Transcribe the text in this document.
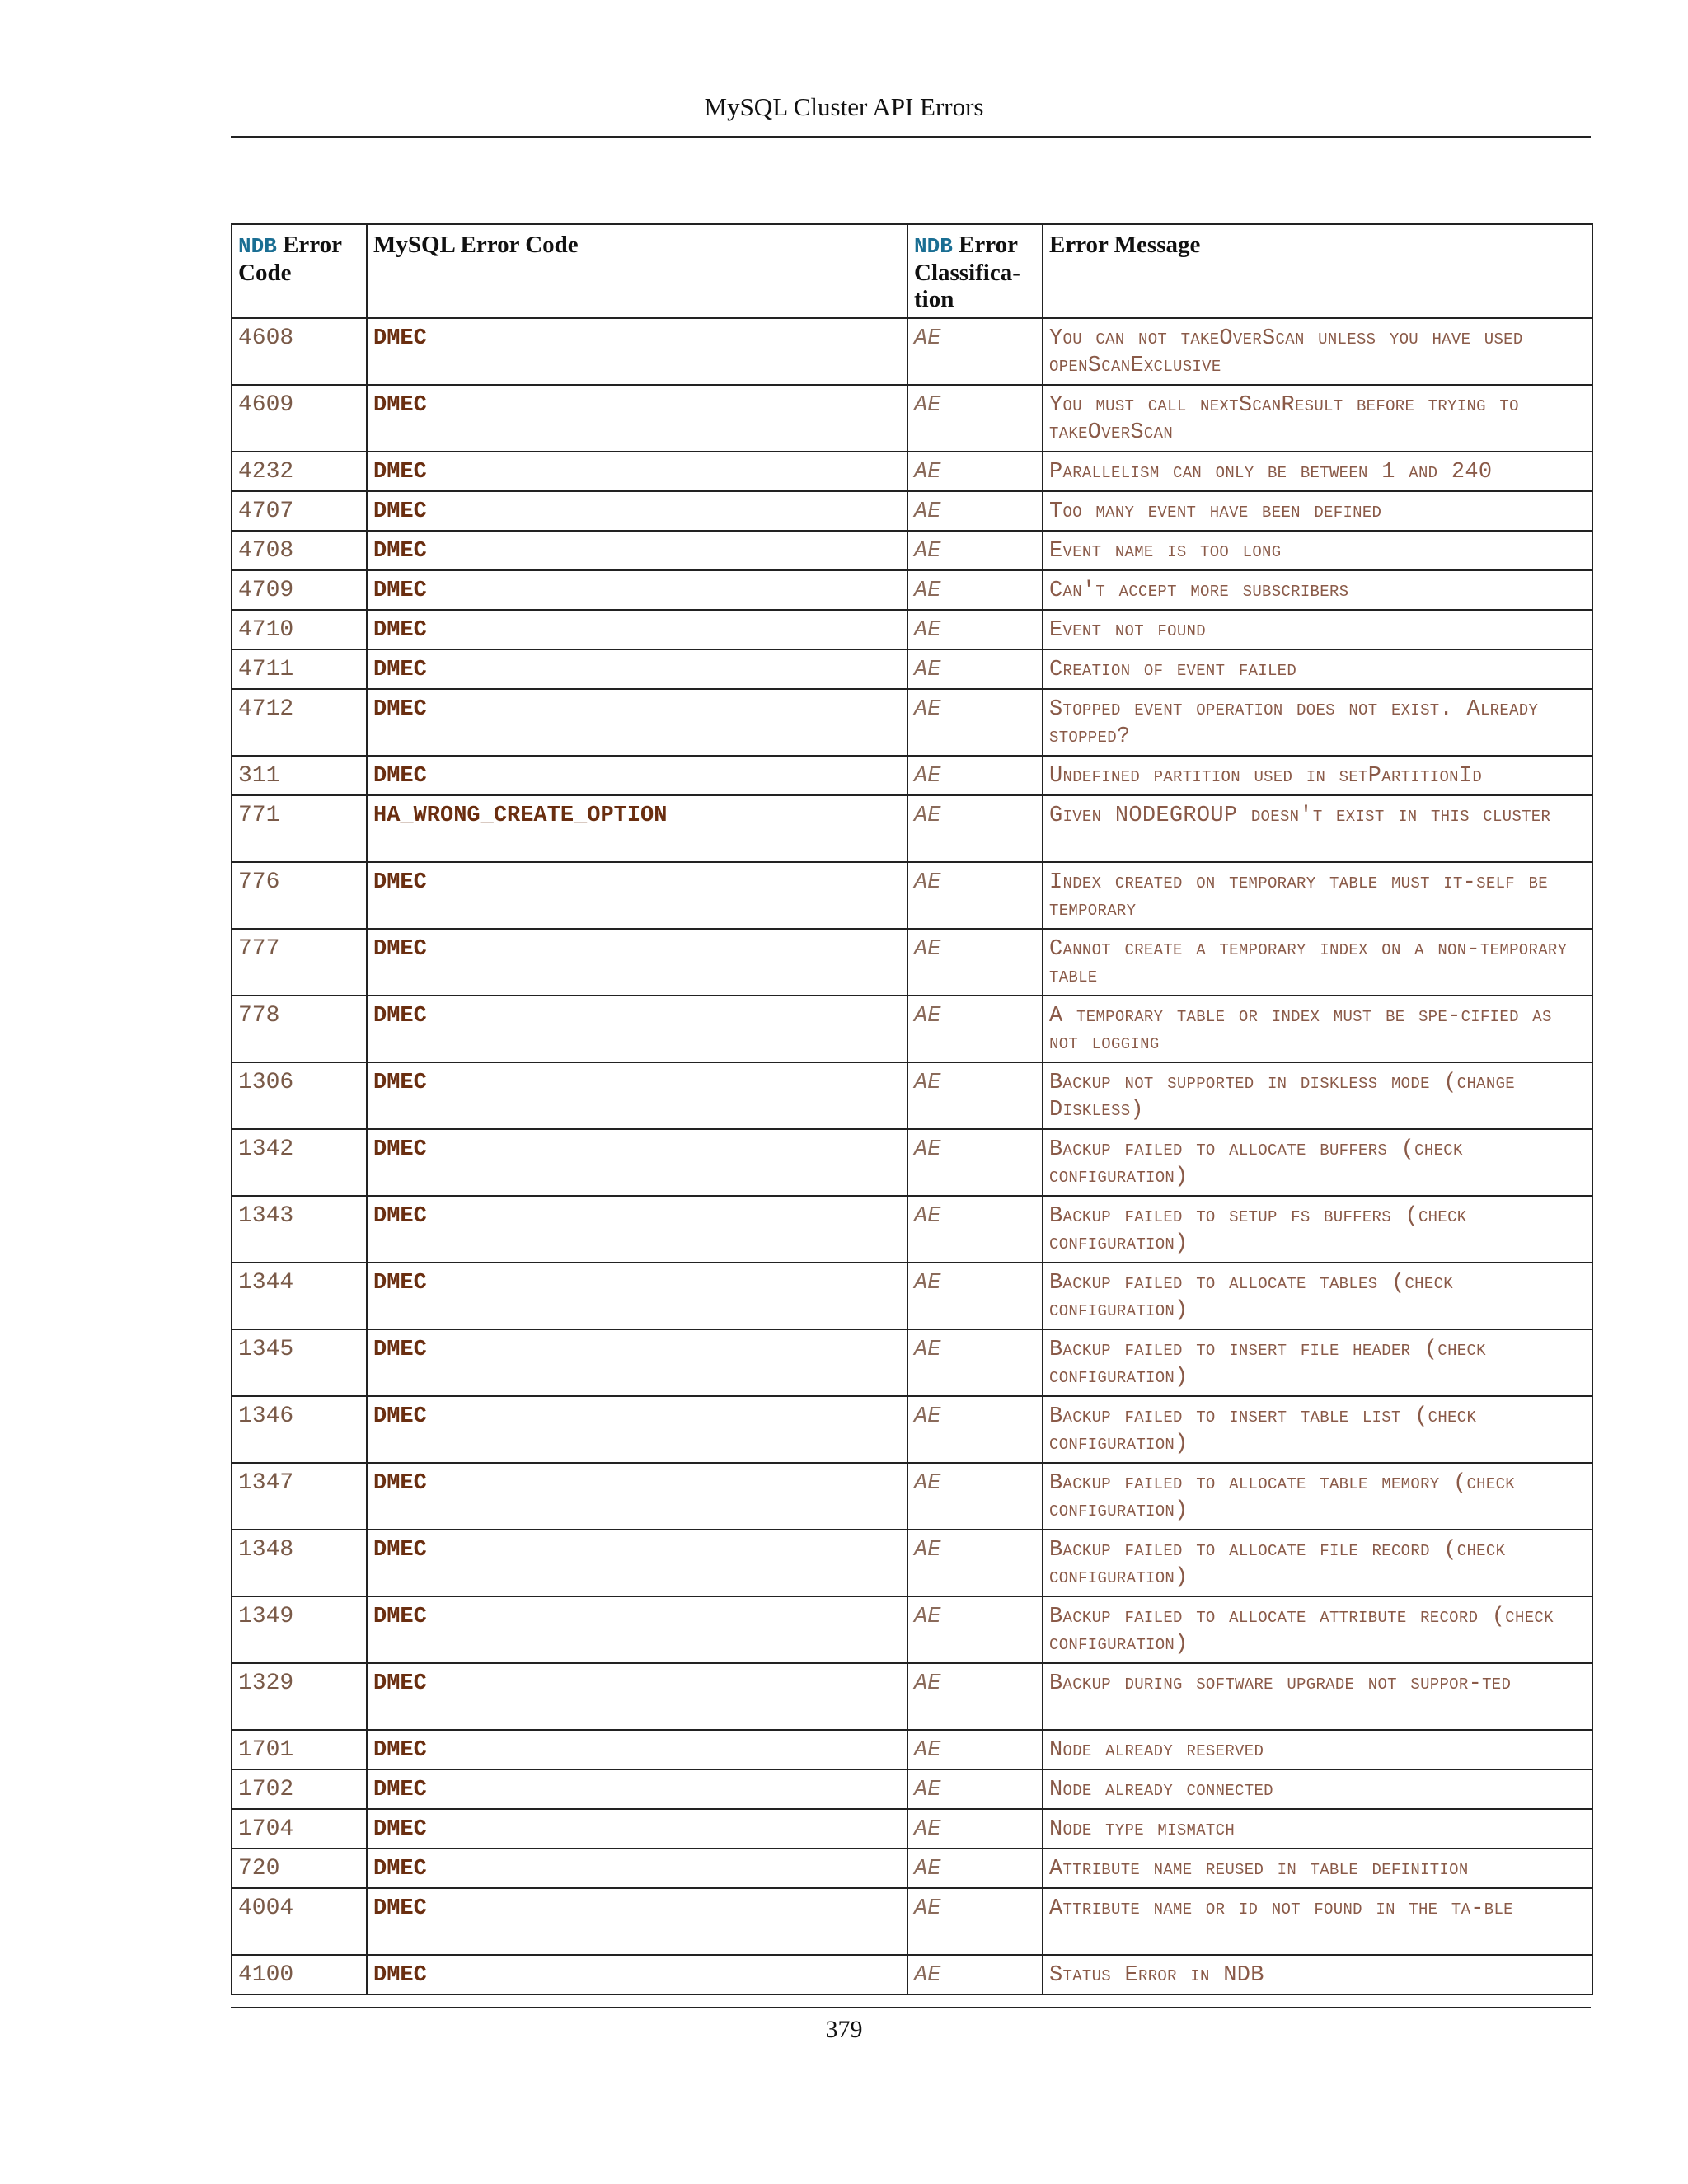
MySQL Cluster API Errors
NDB Error Code	MySQL Error Code	NDB Error Classifica-tion	Error Message
4608	DMEC	AE	You can not takeOverScan unless you have used openScanExclusive
4609	DMEC	AE	You must call nextScanResult before trying to takeOverScan
4232	DMEC	AE	Parallelism can only be between 1 and 240
4707	DMEC	AE	Too many event have been defined
4708	DMEC	AE	Event name is too long
4709	DMEC	AE	Can't accept more subscribers
4710	DMEC	AE	Event not found
4711	DMEC	AE	Creation of event failed
4712	DMEC	AE	Stopped event operation does not exist. Already stopped?
311	DMEC	AE	Undefined partition used in setPartitionId
771	HA_WRONG_CREATE_OPTION	AE	Given NODEGROUP doesn't exist in this cluster
776	DMEC	AE	Index created on temporary table must it-self be temporary
777	DMEC	AE	Cannot create a temporary index on a non-temporary table
778	DMEC	AE	A temporary table or index must be spe-cified as not logging
1306	DMEC	AE	Backup not supported in diskless mode (change Diskless)
1342	DMEC	AE	Backup failed to allocate buffers (check configuration)
1343	DMEC	AE	Backup failed to setup fs buffers (check configuration)
1344	DMEC	AE	Backup failed to allocate tables (check configuration)
1345	DMEC	AE	Backup failed to insert file header (check configuration)
1346	DMEC	AE	Backup failed to insert table list (check configuration)
1347	DMEC	AE	Backup failed to allocate table memory (check configuration)
1348	DMEC	AE	Backup failed to allocate file record (check configuration)
1349	DMEC	AE	Backup failed to allocate attribute record (check configuration)
1329	DMEC	AE	Backup during software upgrade not suppor-ted
1701	DMEC	AE	Node already reserved
1702	DMEC	AE	Node already connected
1704	DMEC	AE	Node type mismatch
720	DMEC	AE	Attribute name reused in table definition
4004	DMEC	AE	Attribute name or id not found in the ta-ble
4100	DMEC	AE	Status Error in NDB
379
